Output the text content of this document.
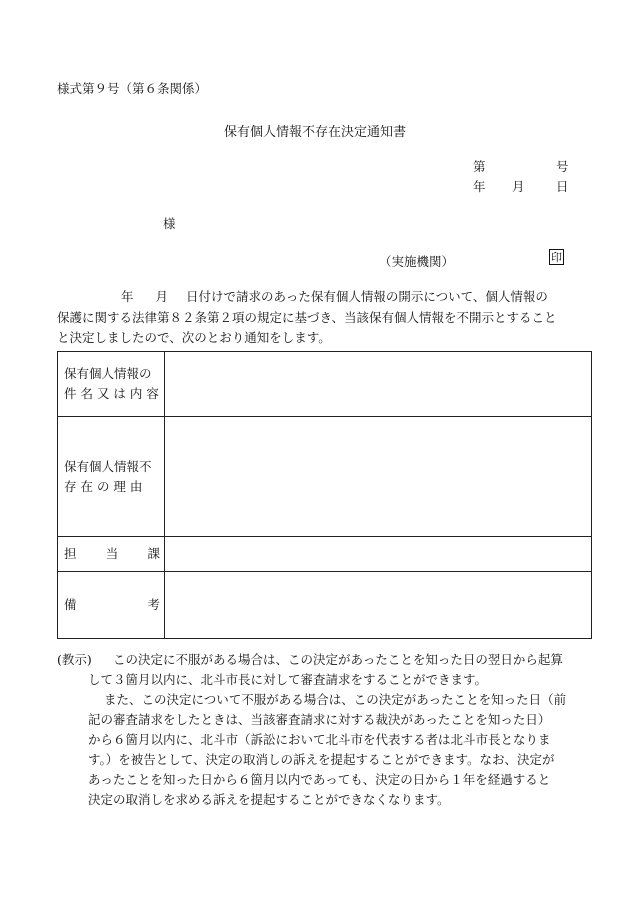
様式第９号（第６条関係）
保有個人情報不存在決定通知書
第	号
年 月	日
様
（実施機関）	印
年 月 日付けで請求のあった保有個人情報の開示について、個人情報の
保護に関する法律第８２条第２項の規定に基づき、当該保有個人情報を不開示とすること
と決定しましたので、次のとおり通知をします。
保有個人情報の
件 名 又 は 内 容	

保有個人情報不
存 在 の 理 由	

担 当 課	

備 考	

(教示)	この決定に不服がある場合は、この決定があったことを知った日の翌日から起算
して３箇月以内に、北斗市長に対して審査請求をすることができます。
また、この決定について不服がある場合は、この決定があったことを知った日（前
記の審査請求をしたときは、当該審査請求に対する裁決があったことを知った日）
から６箇月以内に、北斗市（訴訟において北斗市を代表する者は北斗市長となりま
す。）を被告として、決定の取消しの訴えを提起することができます。なお、決定が
あったことを知った日から６箇月以内であっても、決定の日から１年を経過すると
決定の取消しを求める訴えを提起することができなくなります。
